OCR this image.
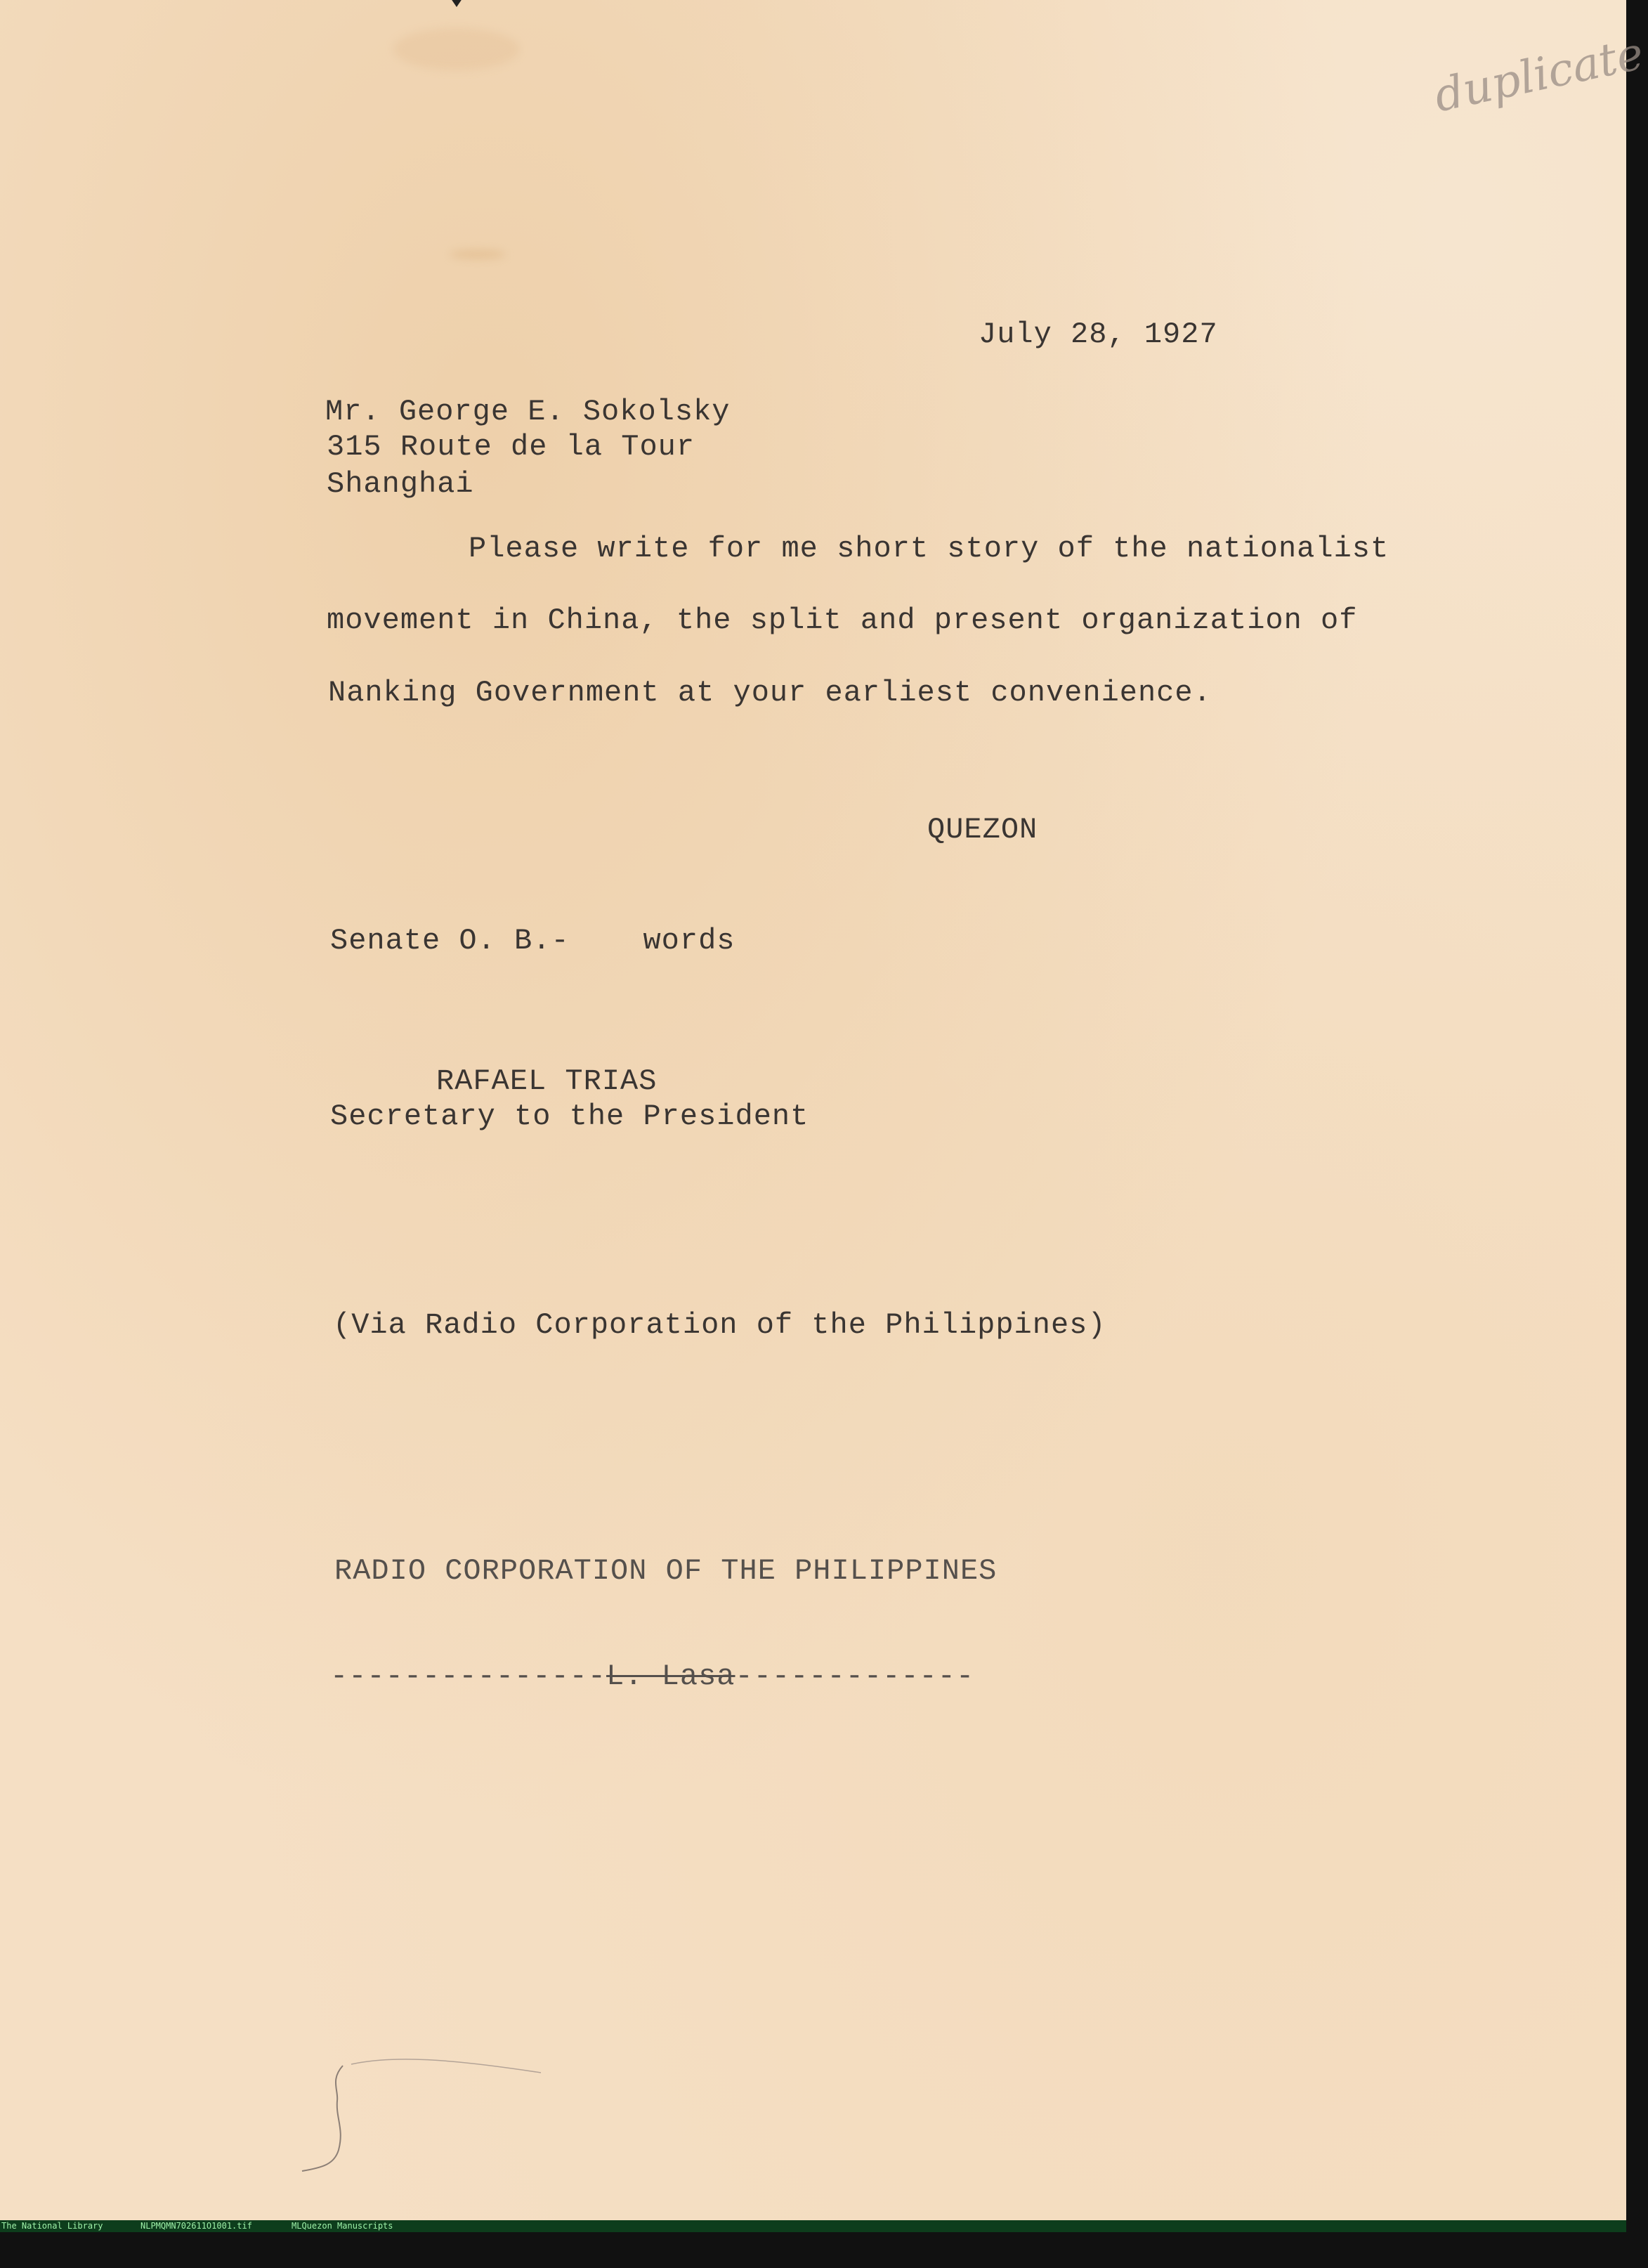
duplicate
July 28, 1927
Mr. George E. Sokolsky
315 Route de la Tour
Shanghai
Please write for me short story of the nationalist
movement in China, the split and present organization of
Nanking Government at your earliest convenience.
QUEZON
Senate O. B.-    words
RAFAEL TRIAS
Secretary to the President
(Via Radio Corporation of the Philippines)
RADIO CORPORATION OF THE PHILIPPINES
---------------L. Lasa-------------

The National Library

	NLPMQMN702611O1001.tif

	MLQuezon Manuscripts
